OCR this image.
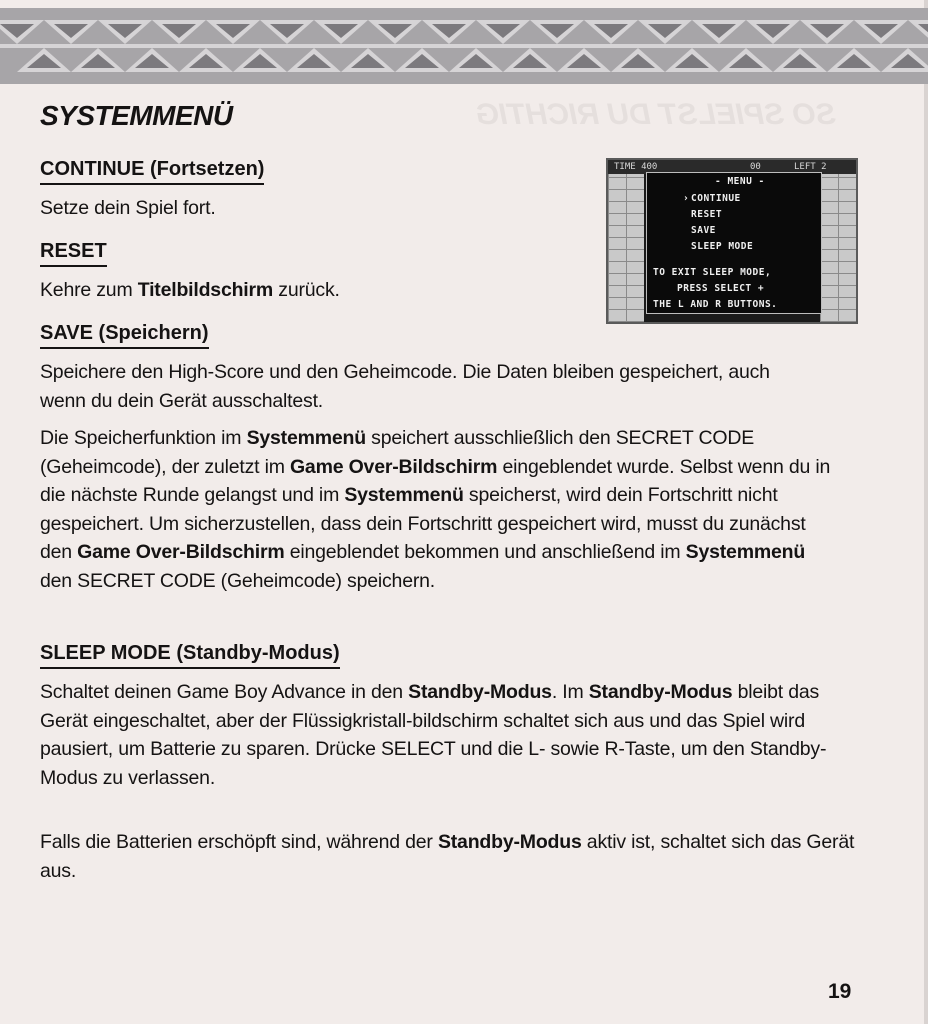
SO SPIELST DU RICHTIG
SYSTEMMENÜ
CONTINUE (Fortsetzen)
Setze dein Spiel fort.
RESET
Kehre zum Titelbildschirm zurück.
SAVE (Speichern)
Speichere den High-Score und den Geheimcode. Die Daten bleiben gespeichert, auch wenn du dein Gerät ausschaltest.
Die Speicherfunktion im Systemmenü speichert ausschließlich den SECRET CODE (Geheimcode), der zuletzt im Game Over-Bildschirm eingeblendet wurde. Selbst wenn du in die nächste Runde gelangst und im Systemmenü speicherst, wird dein Fortschritt nicht gespeichert. Um sicherzustellen, dass dein Fortschritt gespeichert wird, musst du zunächst den Game Over-Bildschirm eingeblendet bekommen und anschließend im Systemmenü den SECRET CODE (Geheimcode) speichern.
SLEEP MODE (Standby-Modus)
Schaltet deinen Game Boy Advance in den Standby-Modus. Im Standby-Modus bleibt das Gerät eingeschaltet, aber der Flüssigkristall-bildschirm schaltet sich aus und das Spiel wird pausiert, um Batterie zu sparen. Drücke SELECT und die L- sowie R-Taste, um den Standby-Modus zu verlassen.
Falls die Batterien erschöpft sind, während der Standby-Modus aktiv ist, schaltet sich das Gerät aus.
TIME 400	00	LEFT 2
- MENU -
› CONTINUE
RESET
SAVE
SLEEP MODE
TO EXIT SLEEP MODE,
PRESS SELECT +
THE L AND R BUTTONS.
19
